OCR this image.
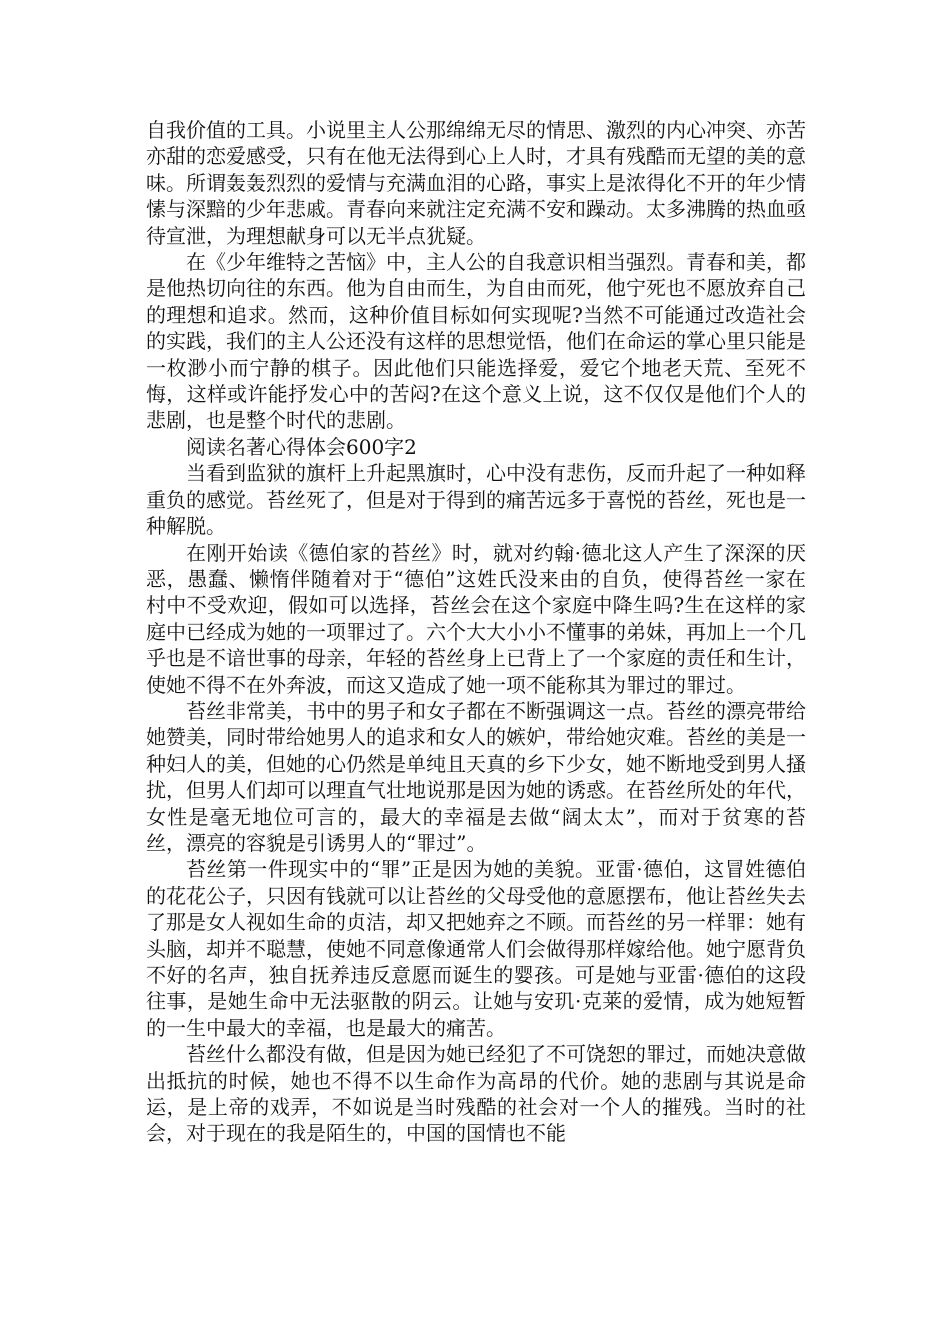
自我价值的工具。小说里主人公那绵绵无尽的情思、激烈的内心冲突、亦苦亦甜的恋爱感受，只有在他无法得到心上人时，才具有残酷而无望的美的意味。所谓轰轰烈烈的爱情与充满血泪的心路，事实上是浓得化不开的年少情愫与深黯的少年悲戚。青春向来就注定充满不安和躁动。太多沸腾的热血亟待宣泄，为理想献身可以无半点犹疑。

在《少年维特之苦恼》中，主人公的自我意识相当强烈。青春和美，都是他热切向往的东西。他为自由而生，为自由而死，他宁死也不愿放弃自己的理想和追求。然而，这种价值目标如何实现呢?当然不可能通过改造社会的实践，我们的主人公还没有这样的思想觉悟，他们在命运的掌心里只能是一枚渺小而宁静的棋子。因此他们只能选择爱，爱它个地老天荒、至死不悔，这样或许能抒发心中的苦闷?在这个意义上说，这不仅仅是他们个人的悲剧，也是整个时代的悲剧。

阅读名著心得体会600字2

当看到监狱的旗杆上升起黑旗时，心中没有悲伤，反而升起了一种如释重负的感觉。苔丝死了，但是对于得到的痛苦远多于喜悦的苔丝，死也是一种解脱。

在刚开始读《德伯家的苔丝》时，就对约翰·德北这人产生了深深的厌恶，愚蠢、懒惰伴随着对于“德伯”这姓氏没来由的自负，使得苔丝一家在村中不受欢迎，假如可以选择，苔丝会在这个家庭中降生吗?生在这样的家庭中已经成为她的一项罪过了。六个大大小小不懂事的弟妹，再加上一个几乎也是不谙世事的母亲，年轻的苔丝身上已背上了一个家庭的责任和生计，使她不得不在外奔波，而这又造成了她一项不能称其为罪过的罪过。

苔丝非常美，书中的男子和女子都在不断强调这一点。苔丝的漂亮带给她赞美，同时带给她男人的追求和女人的嫉妒，带给她灾难。苔丝的美是一种妇人的美，但她的心仍然是单纯且天真的乡下少女，她不断地受到男人搔扰，但男人们却可以理直气壮地说那是因为她的诱惑。在苔丝所处的年代，女性是毫无地位可言的，最大的幸福是去做“阔太太”，而对于贫寒的苔丝，漂亮的容貌是引诱男人的“罪过”。

苔丝第一件现实中的“罪”正是因为她的美貌。亚雷·德伯，这冒姓德伯的花花公子，只因有钱就可以让苔丝的父母受他的意愿摆布，他让苔丝失去了那是女人视如生命的贞洁，却又把她弃之不顾。而苔丝的另一样罪：她有头脑，却并不聪慧，使她不同意像通常人们会做得那样嫁给他。她宁愿背负不好的名声，独自抚养违反意愿而诞生的婴孩。可是她与亚雷·德伯的这段往事，是她生命中无法驱散的阴云。让她与安玑·克莱的爱情，成为她短暂的一生中最大的幸福，也是最大的痛苦。

苔丝什么都没有做，但是因为她已经犯了不可饶恕的罪过，而她决意做出抵抗的时候，她也不得不以生命作为高昂的代价。她的悲剧与其说是命运，是上帝的戏弄，不如说是当时残酷的社会对一个人的摧残。当时的社会，对于现在的我是陌生的，中国的国情也不能
